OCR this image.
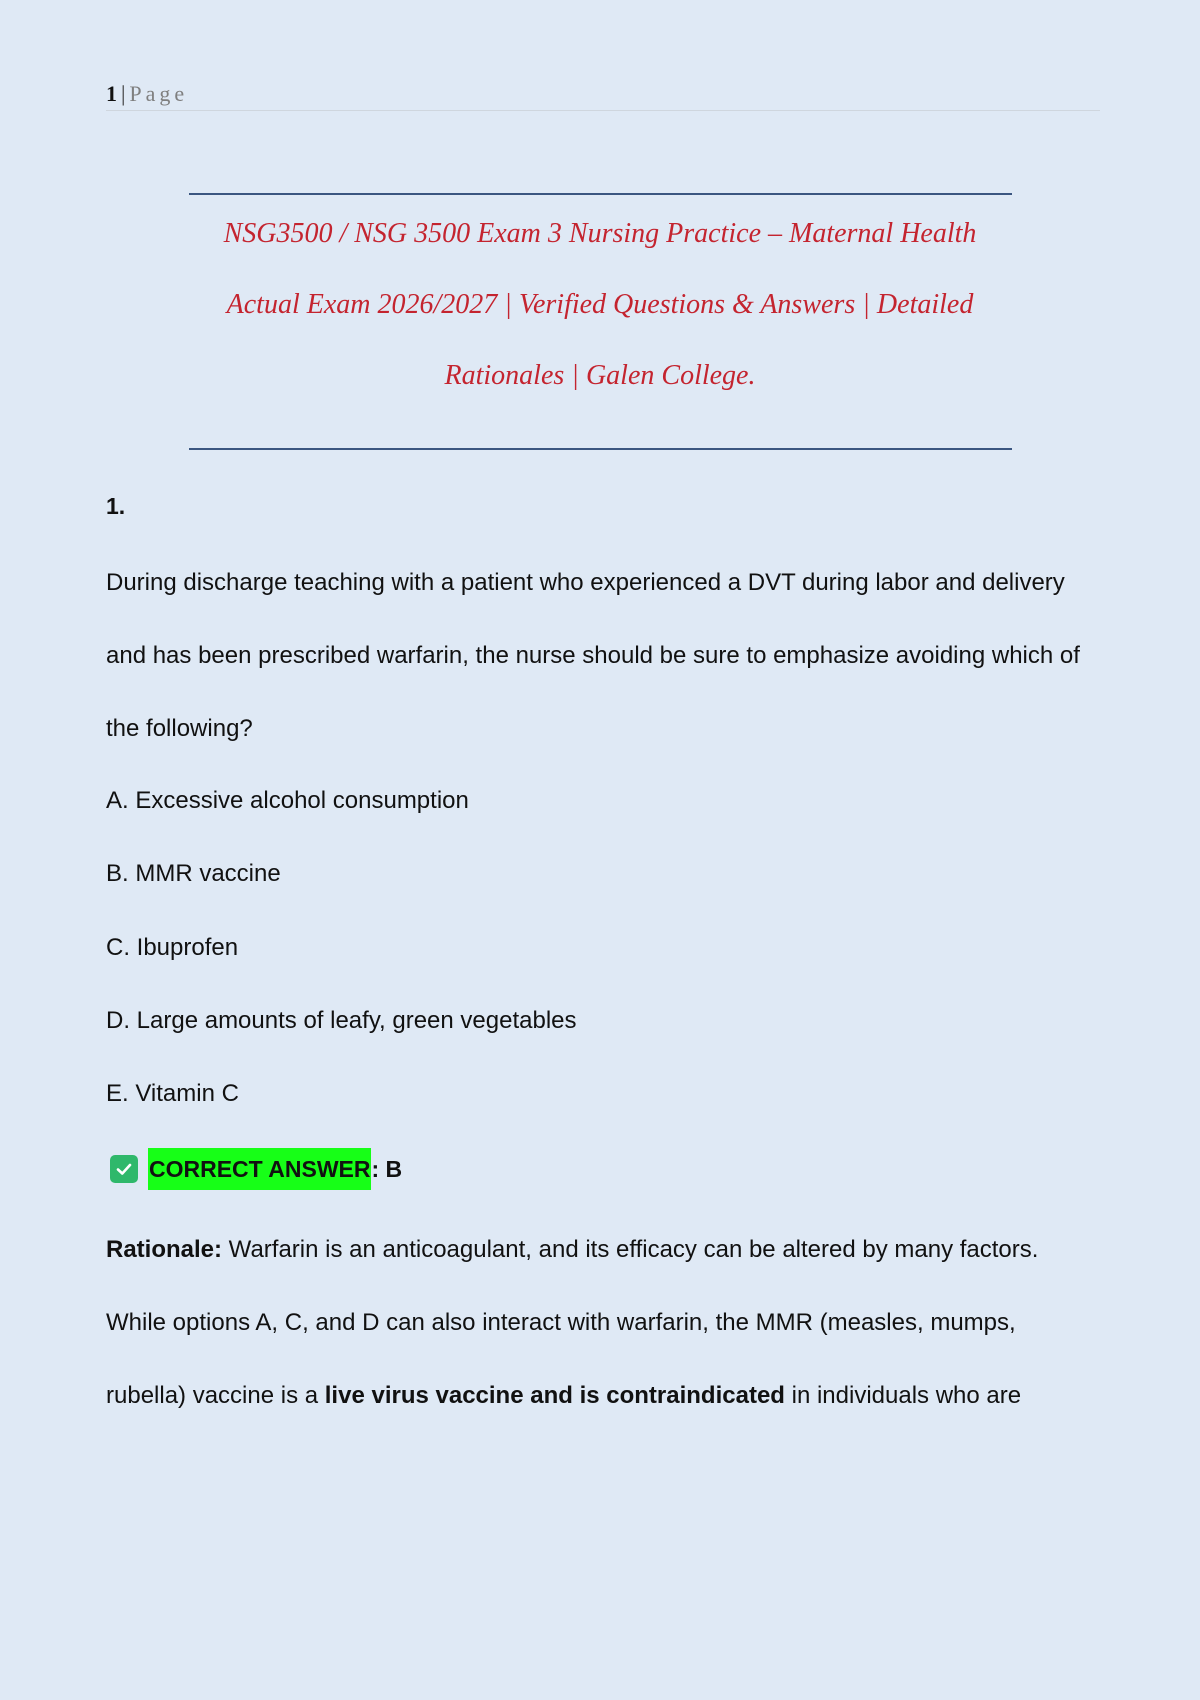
1 | Page
NSG3500 / NSG 3500 Exam 3 Nursing Practice – Maternal Health
Actual Exam 2026/2027 | Verified Questions & Answers | Detailed
Rationales | Galen College.
1.
During discharge teaching with a patient who experienced a DVT during labor and delivery and has been prescribed warfarin, the nurse should be sure to emphasize avoiding which of the following?
A. Excessive alcohol consumption
B. MMR vaccine
C. Ibuprofen
D. Large amounts of leafy, green vegetables
E. Vitamin C
CORRECT ANSWER : B
Rationale: Warfarin is an anticoagulant, and its efficacy can be altered by many factors. While options A, C, and D can also interact with warfarin, the MMR (measles, mumps, rubella) vaccine is a live virus vaccine and is contraindicated in individuals who are
